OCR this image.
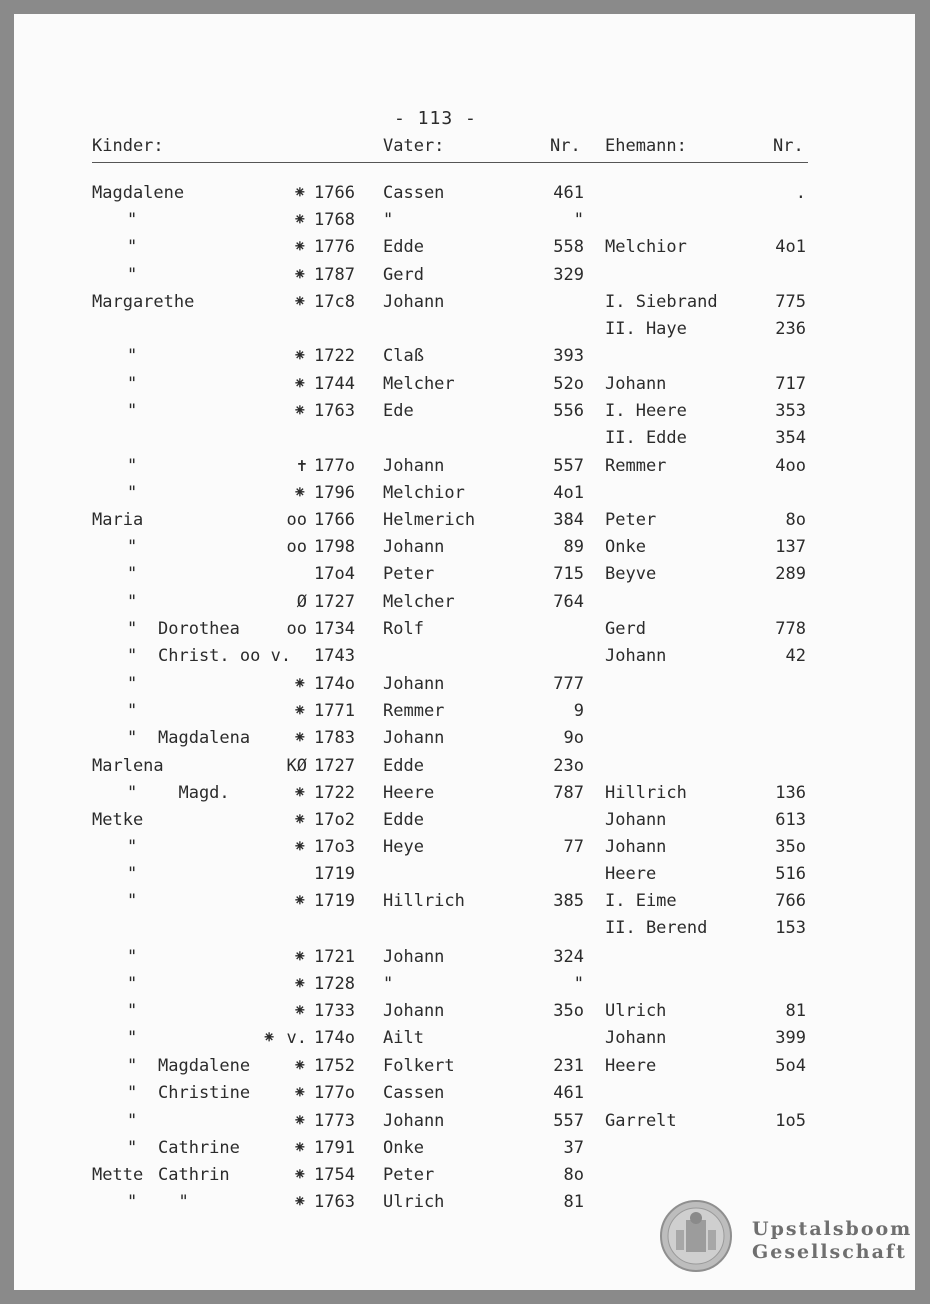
- 113 -
Kinder:	Vater:	Nr. Ehemann:	Nr.
Magdalene	⁕ 1766 Cassen	461	.
"	⁕ 1768 "	"
"	⁕ 1776 Edde	558 Melchior	4o1
"	⁕ 1787 Gerd	329
Margarethe	⁕ 17c8 Johann	I. Siebrand	775
II. Haye	236
"	⁕ 1722 Claß	393
"	⁕ 1744 Melcher	52o Johann	717
"	⁕ 1763 Ede	556 I. Heere	353
II. Edde	354
"	✝ 177o Johann	557 Remmer	4oo
"	⁕ 1796 Melchior	4o1
Maria	oo 1766 Helmerich	384 Peter	8o
"	oo 1798 Johann	89 Onke	137
"	17o4 Peter	715 Beyve	289
"	Ø 1727 Melcher	764
" Dorothea	oo 1734 Rolf	Gerd	778
" Christ. oo v. 1743	Johann	42
"	⁕ 174o Johann	777
"	⁕ 1771 Remmer	9
" Magdalena	⁕ 1783 Johann	9o
Marlena	KØ 1727 Edde	23o
" Magd.	⁕ 1722 Heere	787 Hillrich	136
Metke	⁕ 17o2 Edde	Johann	613
"	⁕ 17o3 Heye	77 Johann	35o
"	1719	Heere	516
"	⁕ 1719 Hillrich	385 I. Eime	766
II. Berend	153
"	⁕ 1721 Johann	324
"	⁕ 1728 "	"
"	⁕ 1733 Johann	35o Ulrich	81
"	⁕ v. 174o Ailt	Johann	399
" Magdalene	⁕ 1752 Folkert	231 Heere	5o4
" Christine	⁕ 177o Cassen	461
"	⁕ 1773 Johann	557 Garrelt	1o5
" Cathrine	⁕ 1791 Onke	37
Mette Cathrin	⁕ 1754 Peter	8o
" "	⁕ 1763 Ulrich	81
Upstalsboom
Gesellschaft
